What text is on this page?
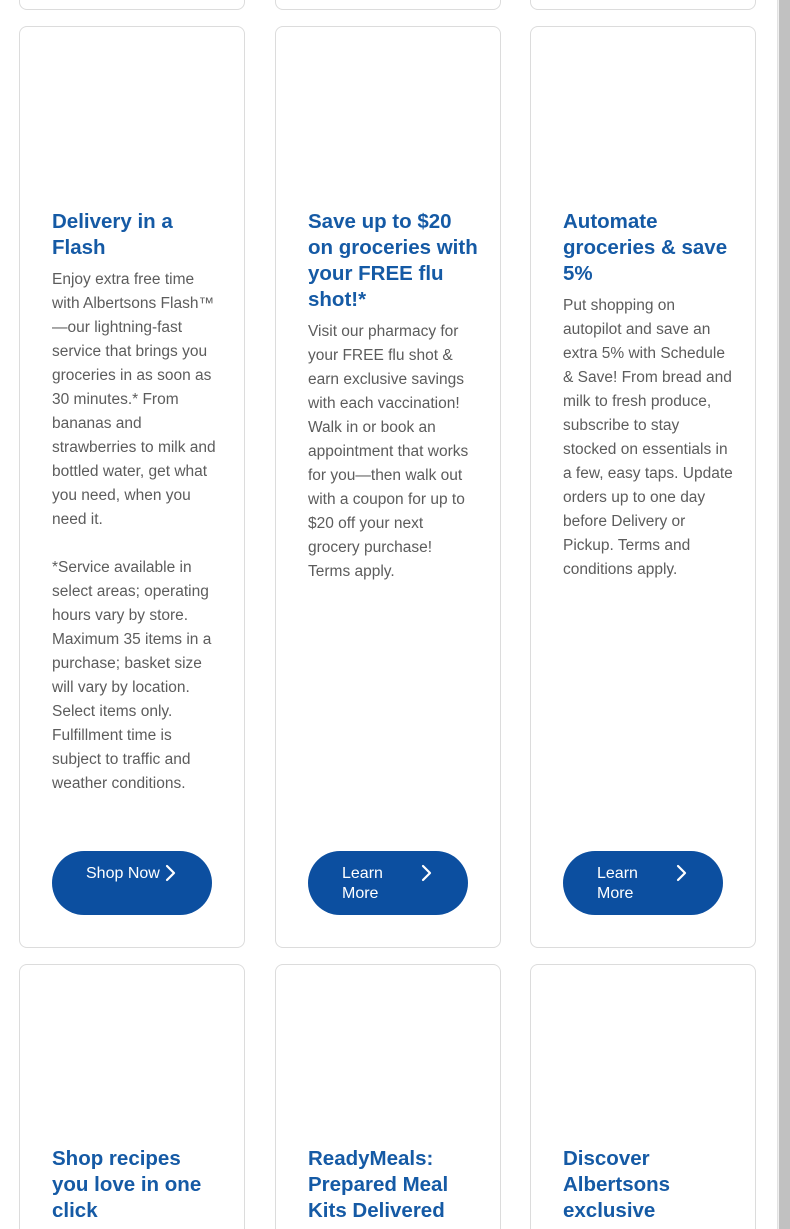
Delivery in a Flash

Enjoy extra free time with Albertsons Flash™—our lightning-fast service that brings you groceries in as soon as 30 minutes.* From bananas and strawberries to milk and bottled water, get what you need, when you need it.

*Service available in select areas; operating hours vary by store. Maximum 35 items in a purchase; basket size will vary by location. Select items only. Fulfillment time is subject to traffic and weather conditions.

Shop Now
Save up to $20 on groceries with your FREE flu shot!*

Visit our pharmacy for your FREE flu shot & earn exclusive savings with each vaccination! Walk in or book an appointment that works for you—then walk out with a coupon for up to $20 off your next grocery purchase! Terms apply.

Learn More
Automate groceries & save 5%

Put shopping on autopilot and save an extra 5% with Schedule & Save! From bread and milk to fresh produce, subscribe to stay stocked on essentials in a few, easy taps. Update orders up to one day before Delivery or Pickup. Terms and conditions apply.

Learn More
Shop recipes you love in one click
ReadyMeals: Prepared Meal Kits Delivered
Discover Albertsons exclusive
